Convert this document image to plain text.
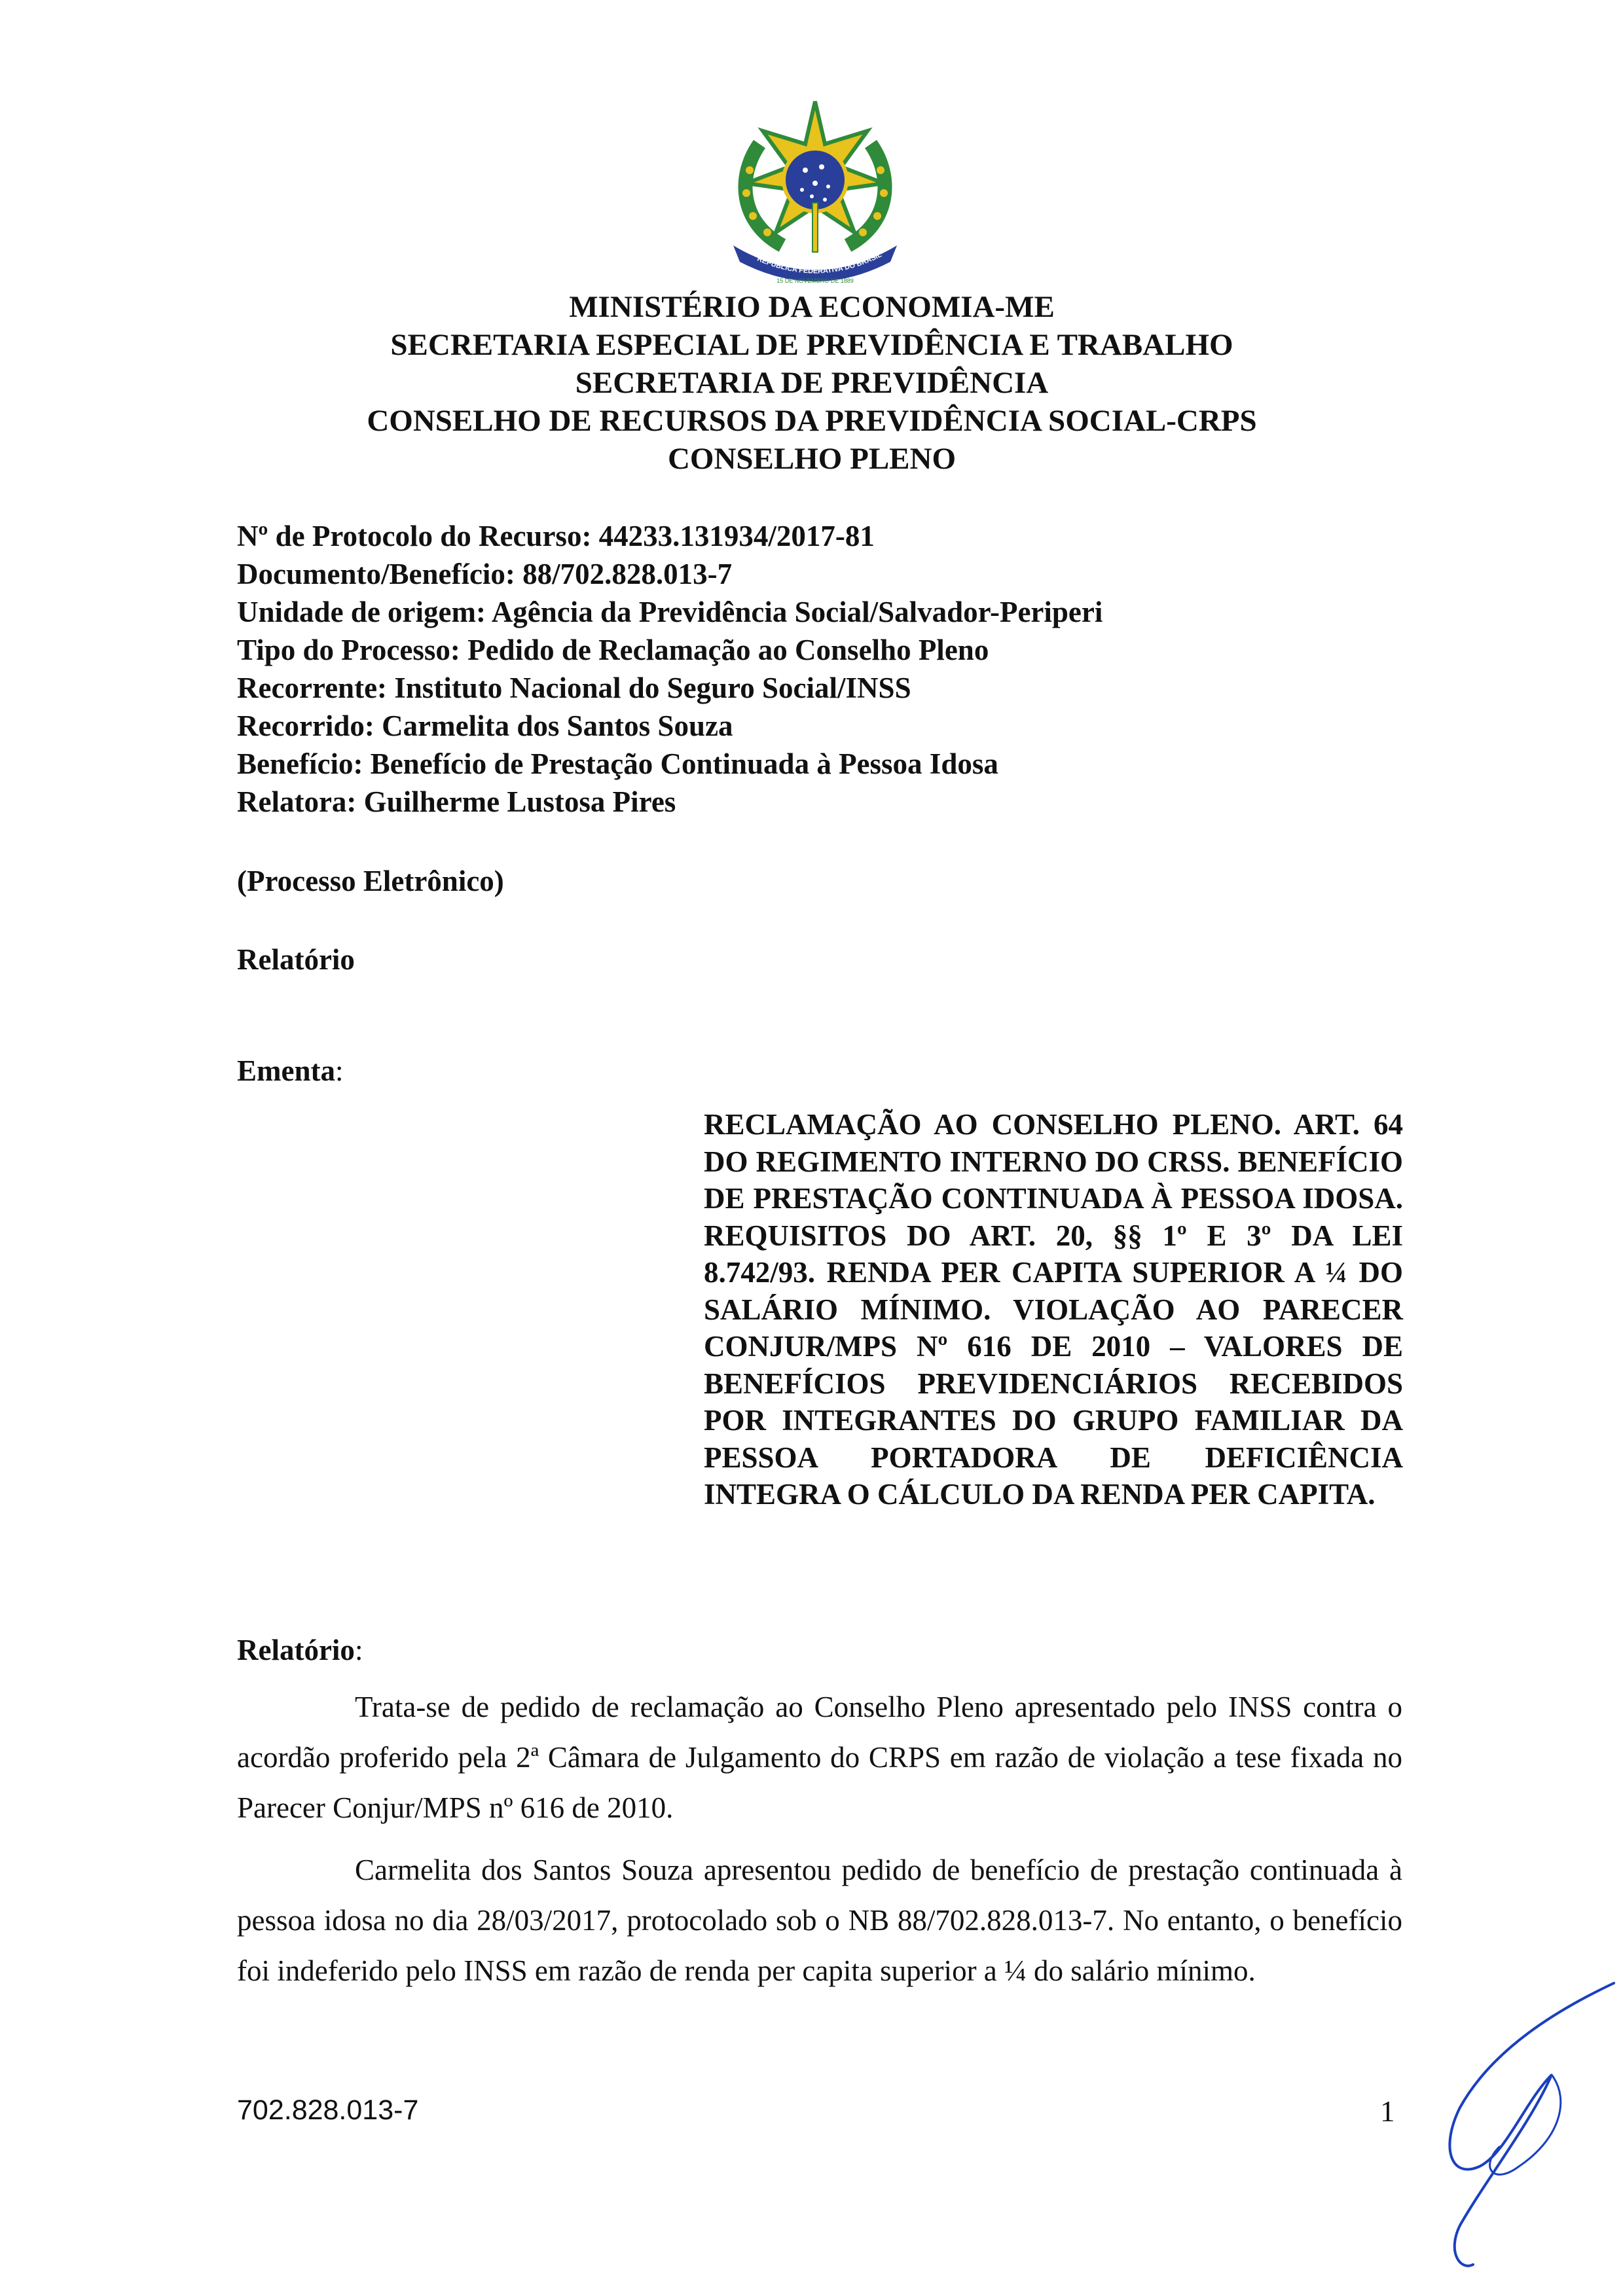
REPÚBLICA FEDERATIVA DO BRASIL
15 DE NOVEMBRO DE 1889
MINISTÉRIO DA ECONOMIA-ME
SECRETARIA ESPECIAL DE PREVIDÊNCIA E TRABALHO
SECRETARIA DE PREVIDÊNCIA
CONSELHO DE RECURSOS DA PREVIDÊNCIA SOCIAL-CRPS
CONSELHO PLENO
Nº de Protocolo do Recurso: 44233.131934/2017-81
Documento/Benefício: 88/702.828.013-7
Unidade de origem: Agência da Previdência Social/Salvador-Periperi
Tipo do Processo: Pedido de Reclamação ao Conselho Pleno
Recorrente: Instituto Nacional do Seguro Social/INSS
Recorrido: Carmelita dos Santos Souza
Benefício: Benefício de Prestação Continuada à Pessoa Idosa
Relatora: Guilherme Lustosa Pires
(Processo Eletrônico)
Relatório
Ementa:
RECLAMAÇÃO AO CONSELHO PLENO. ART. 64 DO REGIMENTO INTERNO DO CRSS. BENEFÍCIO DE PRESTAÇÃO CONTINUADA À PESSOA IDOSA. REQUISITOS DO ART. 20, §§ 1º E 3º DA LEI 8.742/93. RENDA PER CAPITA SUPERIOR A ¼ DO SALÁRIO MÍNIMO. VIOLAÇÃO AO PARECER CONJUR/MPS Nº 616 DE 2010 – VALORES DE BENEFÍCIOS PREVIDENCIÁRIOS RECEBIDOS POR INTEGRANTES DO GRUPO FAMILIAR DA PESSOA PORTADORA DE DEFICIÊNCIA INTEGRA O CÁLCULO DA RENDA PER CAPITA.
Relatório:

Trata-se de pedido de reclamação ao Conselho Pleno apresentado pelo INSS contra o acordão proferido pela 2ª Câmara de Julgamento do CRPS em razão de violação a tese fixada no Parecer Conjur/MPS nº 616 de 2010.

Carmelita dos Santos Souza apresentou pedido de benefício de prestação continuada à pessoa idosa no dia 28/03/2017, protocolado sob o NB 88/702.828.013-7. No entanto, o benefício foi indeferido pelo INSS em razão de renda per capita superior a ¼ do salário mínimo.

702.828.013-7	1
